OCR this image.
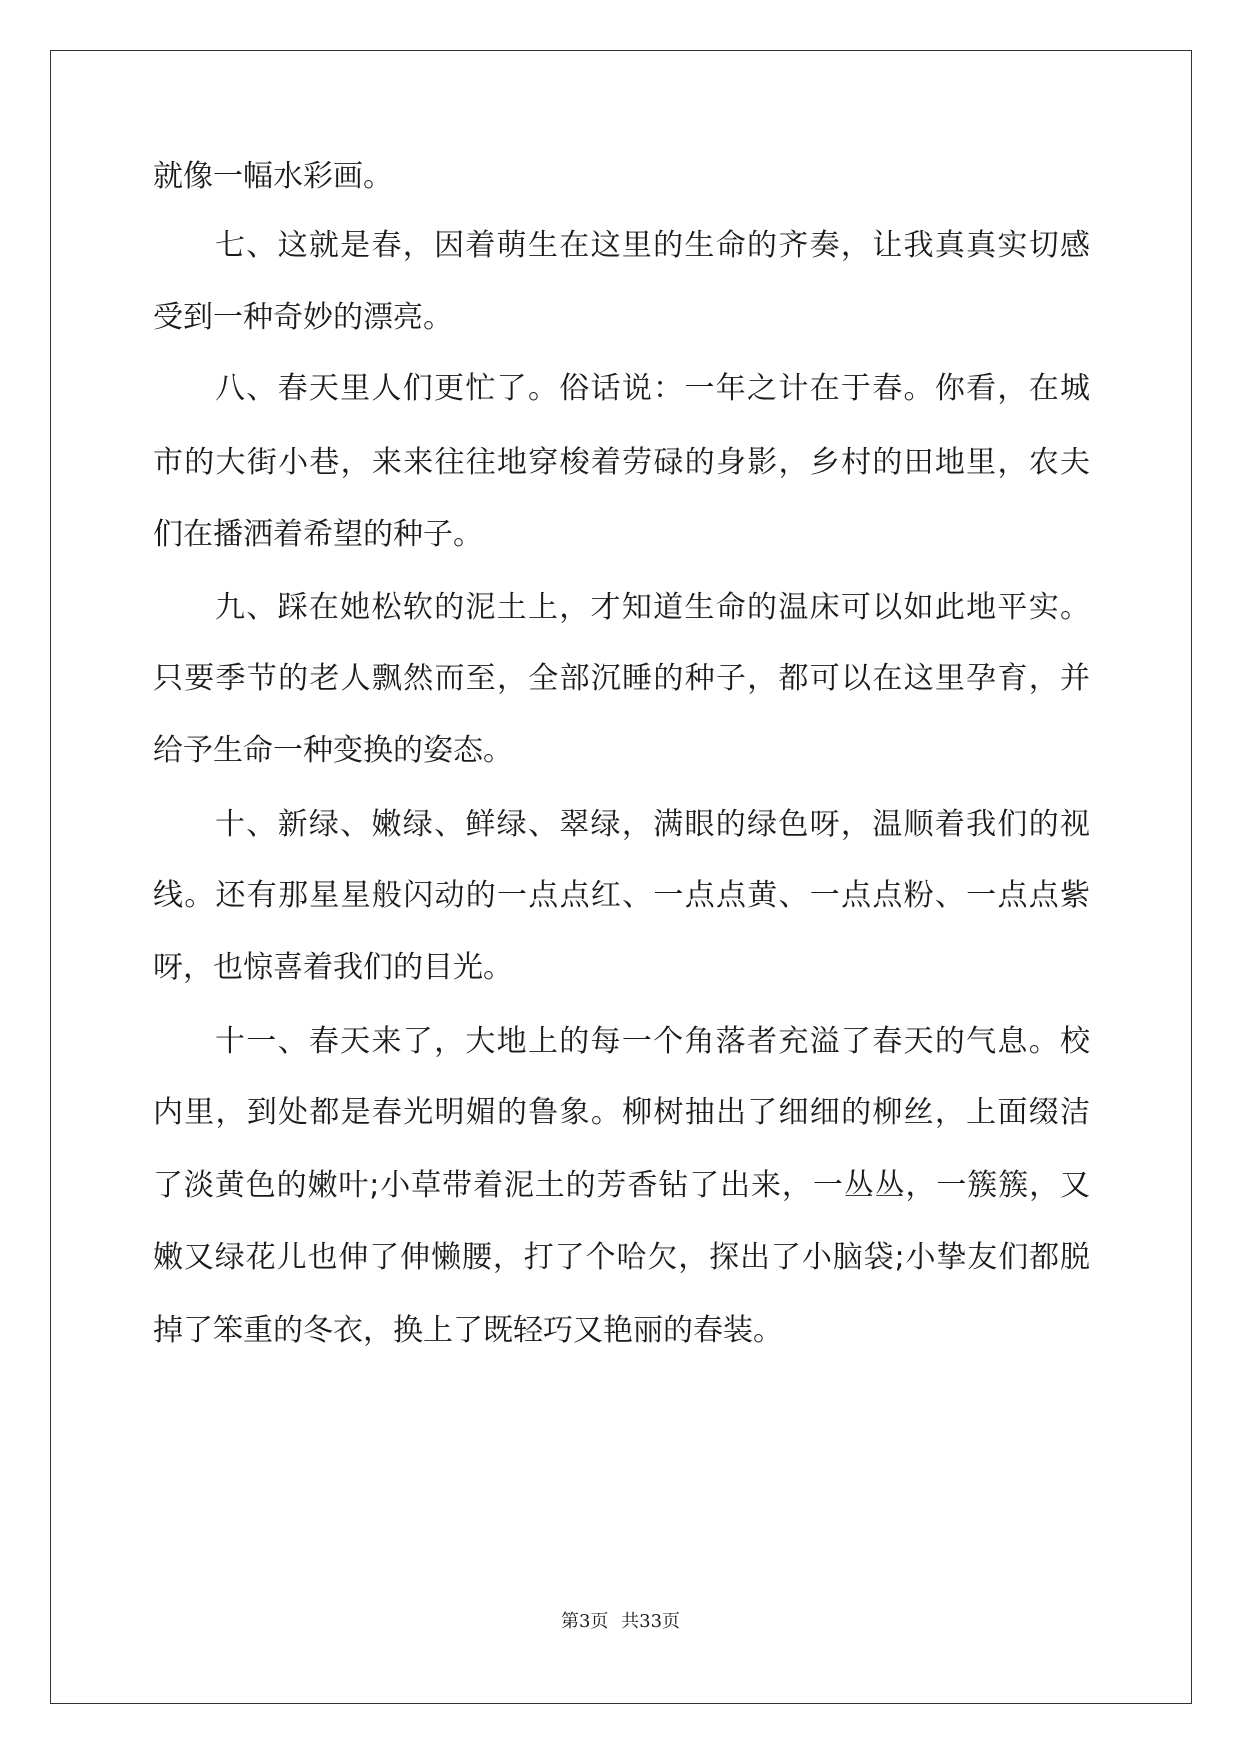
就像一幅水彩画。
七、这就是春，因着萌生在这里的生命的齐奏，让我真真实切感
受到一种奇妙的漂亮。
八、春天里人们更忙了。俗话说：一年之计在于春。你看，在城
市的大街小巷，来来往往地穿梭着劳碌的身影，乡村的田地里，农夫
们在播洒着希望的种子。
九、踩在她松软的泥土上，才知道生命的温床可以如此地平实。
只要季节的老人飘然而至，全部沉睡的种子，都可以在这里孕育，并
给予生命一种变换的姿态。
十、新绿、嫩绿、鲜绿、翠绿，满眼的绿色呀，温顺着我们的视
线。还有那星星般闪动的一点点红、一点点黄、一点点粉、一点点紫
呀，也惊喜着我们的目光。
十一、春天来了，大地上的每一个角落者充溢了春天的气息。校
内里，到处都是春光明媚的鲁象。柳树抽出了细细的柳丝，上面缀洁
了淡黄色的嫩叶;小草带着泥土的芳香钻了出来，一丛丛，一簇簇，又
嫩又绿花儿也伸了伸懒腰，打了个哈欠，探出了小脑袋;小挚友们都脱
掉了笨重的冬衣，换上了既轻巧又艳丽的春装。
第3页 共33页
